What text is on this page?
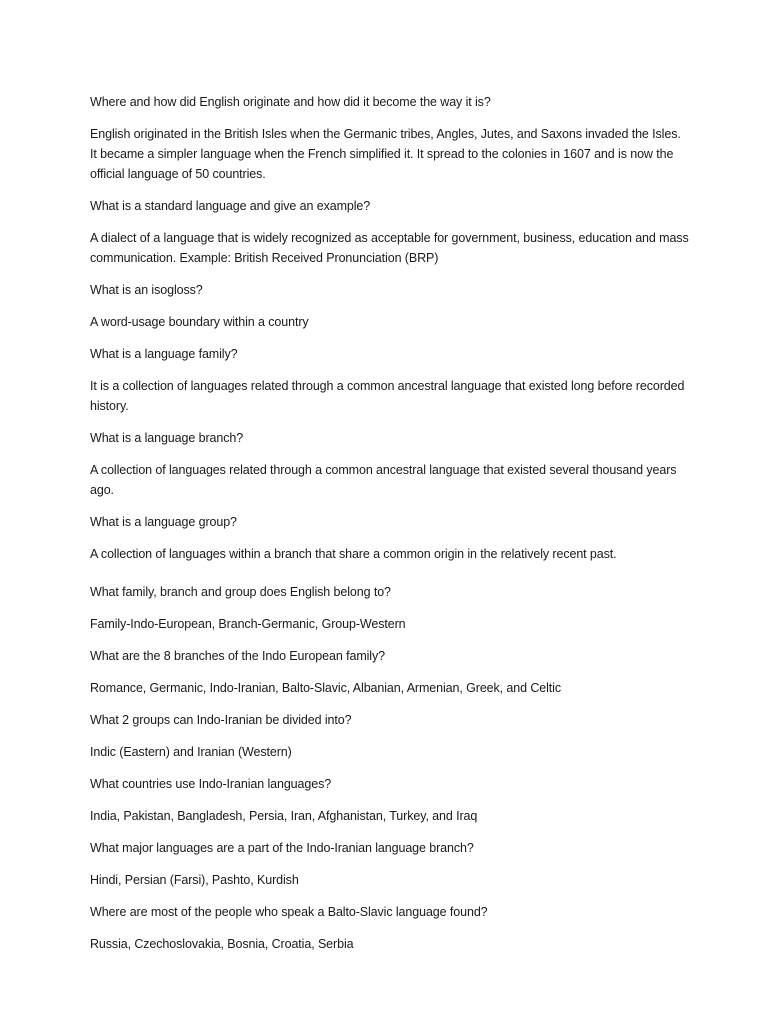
Where and how did English originate and how did it become the way it is?

English originated in the British Isles when the Germanic tribes, Angles, Jutes, and Saxons invaded the Isles. It became a simpler language when the French simplified it. It spread to the colonies in 1607 and is now the official language of 50 countries.

What is a standard language and give an example?

A dialect of a language that is widely recognized as acceptable for government, business, education and mass communication. Example: British Received Pronunciation (BRP)

What is an isogloss?

A word-usage boundary within a country

What is a language family?

It is a collection of languages related through a common ancestral language that existed long before recorded history.

What is a language branch?

A collection of languages related through a common ancestral language that existed several thousand years ago.

What is a language group?

A collection of languages within a branch that share a common origin in the relatively recent past.

What family, branch and group does English belong to?

Family-Indo-European, Branch-Germanic, Group-Western

What are the 8 branches of the Indo European family?

Romance, Germanic, Indo-Iranian, Balto-Slavic, Albanian, Armenian, Greek, and Celtic

What 2 groups can Indo-Iranian be divided into?

Indic (Eastern) and Iranian (Western)

What countries use Indo-Iranian languages?

India, Pakistan, Bangladesh, Persia, Iran, Afghanistan, Turkey, and Iraq

What major languages are a part of the Indo-Iranian language branch?

Hindi, Persian (Farsi), Pashto, Kurdish

Where are most of the people who speak a Balto-Slavic language found?

Russia, Czechoslovakia, Bosnia, Croatia, Serbia
